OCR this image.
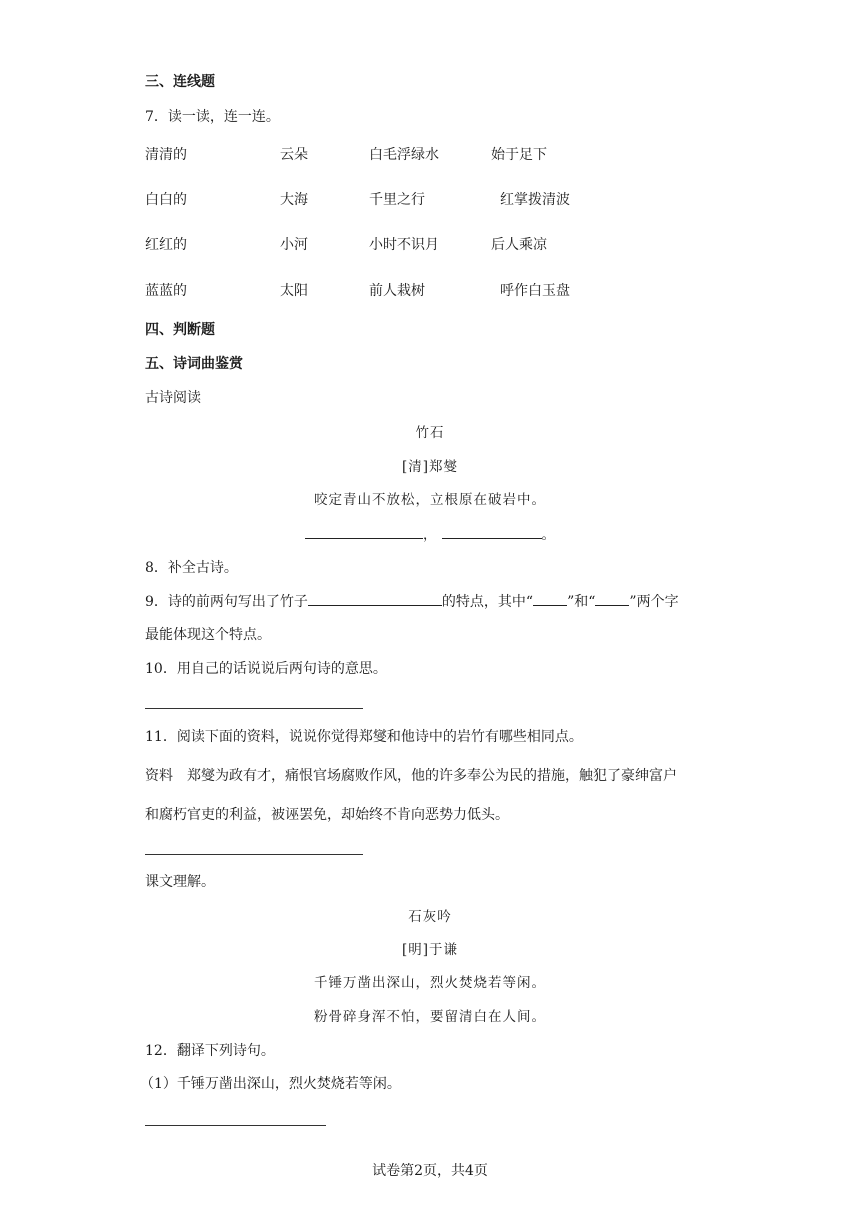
三、连线题
7．读一读，连一连。
清清的	云朵	白毛浮绿水	始于足下
白白的	大海	千里之行	红掌拨清波
红红的	小河	小时不识月	后人乘凉
蓝蓝的	太阳	前人栽树	呼作白玉盘
四、判断题
五、诗词曲鉴赏
古诗阅读
竹石
[清]郑燮
咬定青山不放松，立根原在破岩中。
，	。
8．补全古诗。
9．诗的前两句写出了竹子	的特点，其中“ ”和“ ”两个字
最能体现这个特点。
10．用自己的话说说后两句诗的意思。
11．阅读下面的资料，说说你觉得郑燮和他诗中的岩竹有哪些相同点。
资料　郑燮为政有才，痛恨官场腐败作风，他的许多奉公为民的措施，触犯了豪绅富户
和腐朽官吏的利益，被诬罢免，却始终不肯向恶势力低头。
课文理解。
石灰吟
[明]于谦
千锤万凿出深山，烈火焚烧若等闲。
粉骨碎身浑不怕，要留清白在人间。
12．翻译下列诗句。
（1）千锤万凿出深山，烈火焚烧若等闲。
试卷第2页，共4页
